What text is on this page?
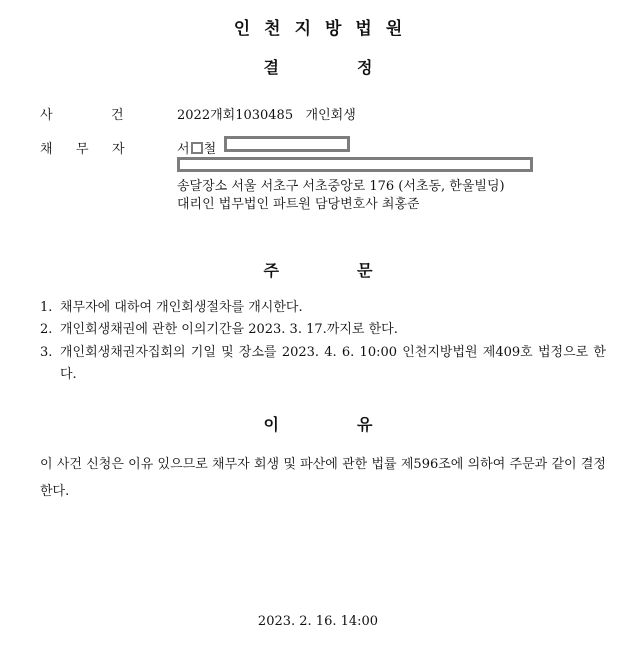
인천지방법원
결	정
사	건	2022개회1030485 개인회생
채 무 자	서 철
송달장소 서울 서초구 서초중앙로 176 (서초동, 한울빌딩)
대리인 법무법인 파트원 담당변호사 최홍준
주	문
1. 채무자에 대하여 개인회생절차를 개시한다.
2. 개인회생채권에 관한 이의기간을 2023. 3. 17.까지로 한다.
3. 개인회생채권자집회의 기일 및 장소를 2023. 4. 6. 10:00 인천지방법원 제409호 법정으로 한다.
이	유
이 사건 신청은 이유 있으므로 채무자 회생 및 파산에 관한 법률 제596조에 의하여 주문과 같이 결정한다.
2023. 2. 16. 14:00
